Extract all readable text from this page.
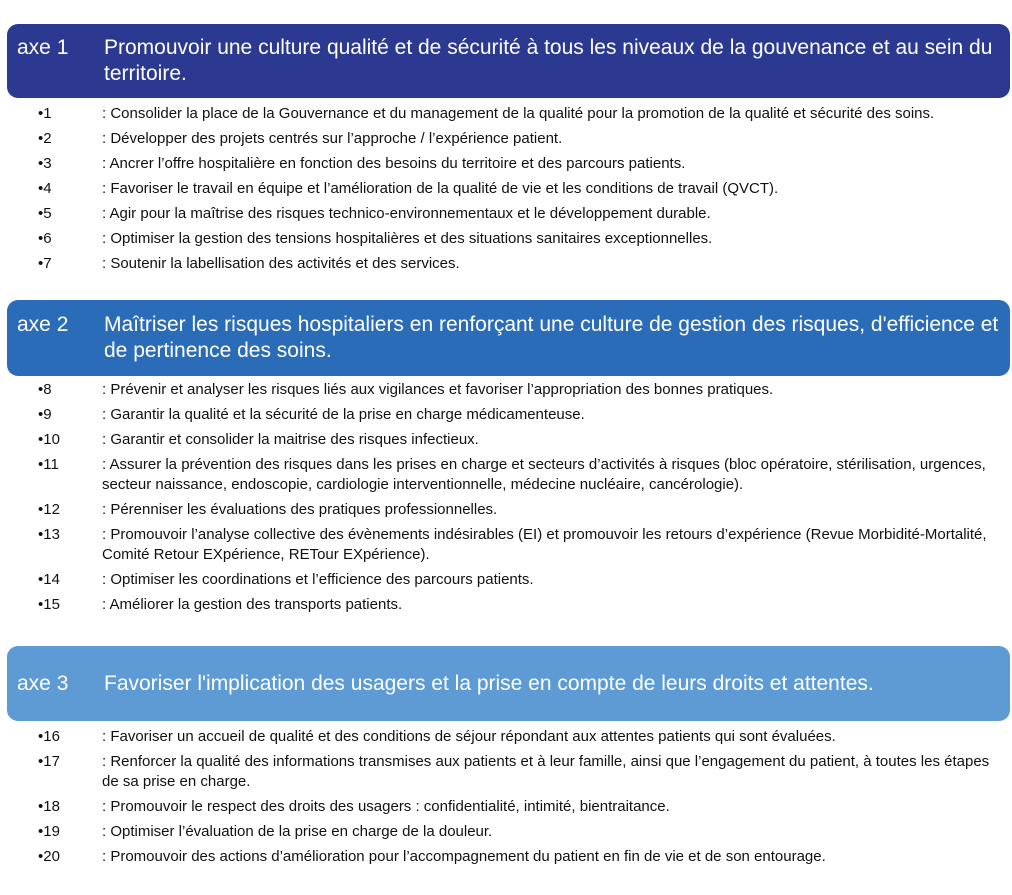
axe 1 Promouvoir une culture qualité et de sécurité à tous les niveaux de la gouvenance et au sein du territoire.
•1	: Consolider la place de la Gouvernance et du management de la qualité pour la promotion de la qualité et sécurité des soins.
•2	: Développer des projets centrés sur l’approche / l’expérience patient.
•3	: Ancrer l’offre hospitalière en fonction des besoins du territoire et des parcours patients.
•4	: Favoriser le travail en équipe et l’amélioration de la qualité de vie et les conditions de travail (QVCT).
•5	: Agir pour la maîtrise des risques technico-environnementaux et le développement durable.
•6	: Optimiser la gestion des tensions hospitalières et des situations sanitaires exceptionnelles.
•7	: Soutenir la labellisation des activités et des services.
axe 2 Maîtriser les risques hospitaliers en renforçant une culture de gestion des risques, d'efficience et de pertinence des soins.
•8	: Prévenir et analyser les risques liés aux vigilances et favoriser l’appropriation des bonnes pratiques.
•9	: Garantir la qualité et la sécurité de la prise en charge médicamenteuse.
•10	: Garantir et consolider la maitrise des risques infectieux.
•11	: Assurer la prévention des risques dans les prises en charge et secteurs d’activités à risques (bloc opératoire, stérilisation, urgences, secteur naissance, endoscopie, cardiologie interventionnelle, médecine nucléaire, cancérologie).
•12	: Pérenniser les évaluations des pratiques professionnelles.
•13	: Promouvoir l’analyse collective des évènements indésirables (EI) et promouvoir les retours d’expérience (Revue Morbidité-Mortalité, Comité Retour EXpérience, RETour EXpérience).
•14	: Optimiser les coordinations et l’efficience des parcours patients.
•15	: Améliorer la gestion des transports patients.
axe 3 Favoriser l'implication des usagers et la prise en compte de leurs droits et attentes.
•16	: Favoriser un accueil de qualité et des conditions de séjour répondant aux attentes patients qui sont évaluées.
•17	: Renforcer la qualité des informations transmises aux patients et à leur famille, ainsi que l’engagement du patient, à toutes les étapes de sa prise en charge.
•18	: Promouvoir le respect des droits des usagers : confidentialité, intimité, bientraitance.
•19	: Optimiser l’évaluation de la prise en charge de la douleur.
•20	: Promouvoir des actions d’amélioration pour l’accompagnement du patient en fin de vie et de son entourage.
